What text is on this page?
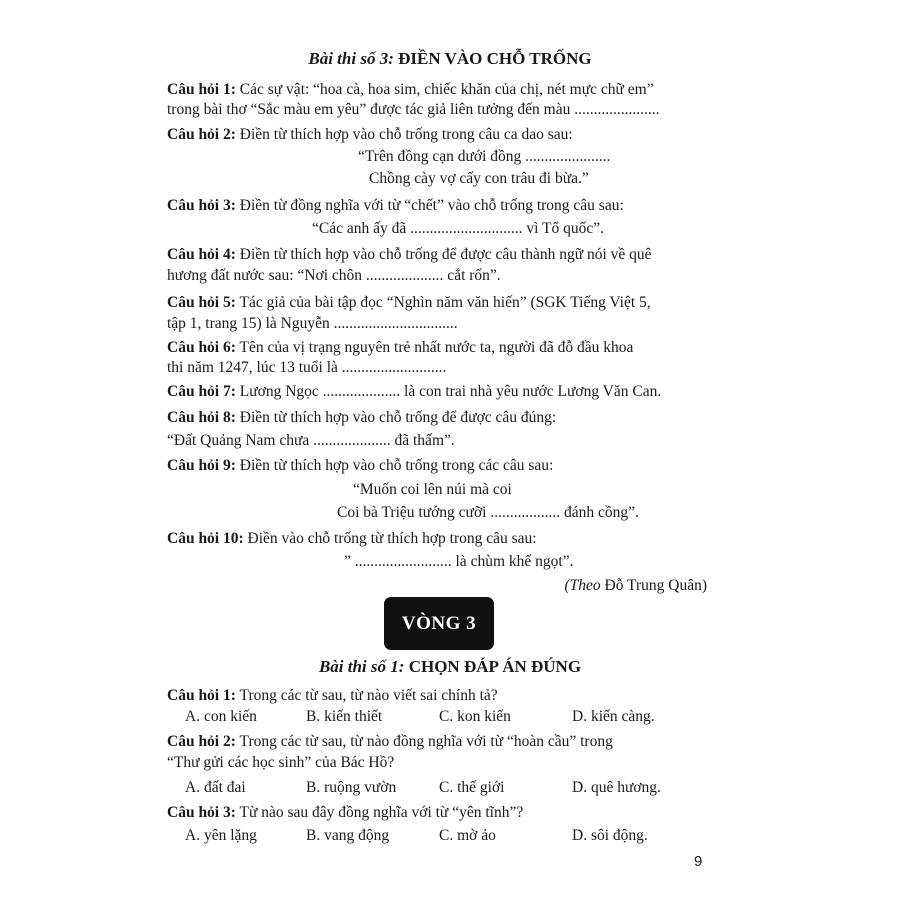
Bài thi số 3: ĐIỀN VÀO CHỖ TRỐNG
Câu hỏi 1: Các sự vật: “hoa cà, hoa sim, chiếc khăn của chị, nét mực chữ em”
trong bài thơ “Sắc màu em yêu” được tác giả liên tưởng đến màu ......................
Câu hỏi 2: Điền từ thích hợp vào chỗ trống trong câu ca dao sau:
“Trên đồng cạn dưới đồng ......................
Chồng cày vợ cấy con trâu đi bừa.”
Câu hỏi 3: Điền từ đồng nghĩa với từ “chết” vào chỗ trống trong câu sau:
“Các anh ấy đã ............................. vì Tổ quốc”.
Câu hỏi 4: Điền từ thích hợp vào chỗ trống để được câu thành ngữ nói về quê
hương đất nước sau: “Nơi chôn .................... cắt rốn”.
Câu hỏi 5: Tác giả của bài tập đọc “Nghìn năm văn hiến” (SGK Tiếng Việt 5,
tập 1, trang 15) là Nguyễn ................................
Câu hỏi 6: Tên của vị trạng nguyên trẻ nhất nước ta, người đã đỗ đầu khoa
thi năm 1247, lúc 13 tuổi là ...........................
Câu hỏi 7: Lương Ngọc .................... là con trai nhà yêu nước Lương Văn Can.
Câu hỏi 8: Điền từ thích hợp vào chỗ trống để được câu đúng:
“Đất Quảng Nam chưa .................... đã thấm”.
Câu hỏi 9: Điền từ thích hợp vào chỗ trống trong các câu sau:
“Muốn coi lên núi mà coi
Coi bà Triệu tướng cưỡi .................. đánh cồng”.
Câu hỏi 10: Điền vào chỗ trống từ thích hợp trong câu sau:
” ......................... là chùm khế ngọt”.
(Theo Đỗ Trung Quân)
VÒNG 3
Bài thi số 1: CHỌN ĐÁP ÁN ĐÚNG
Câu hỏi 1: Trong các từ sau, từ nào viết sai chính tả?
A. con kiến	B. kiến thiết	C. kon kiến	D. kiến càng.
Câu hỏi 2: Trong các từ sau, từ nào đồng nghĩa với từ “hoàn cầu” trong
“Thư gửi các học sinh” của Bác Hồ?
A. đất đai	B. ruộng vườn	C. thế giới	D. quê hương.
Câu hỏi 3: Từ nào sau đây đồng nghĩa với từ “yên tĩnh”?
A. yên lặng	B. vang động	C. mờ ảo	D. sôi động.
9
